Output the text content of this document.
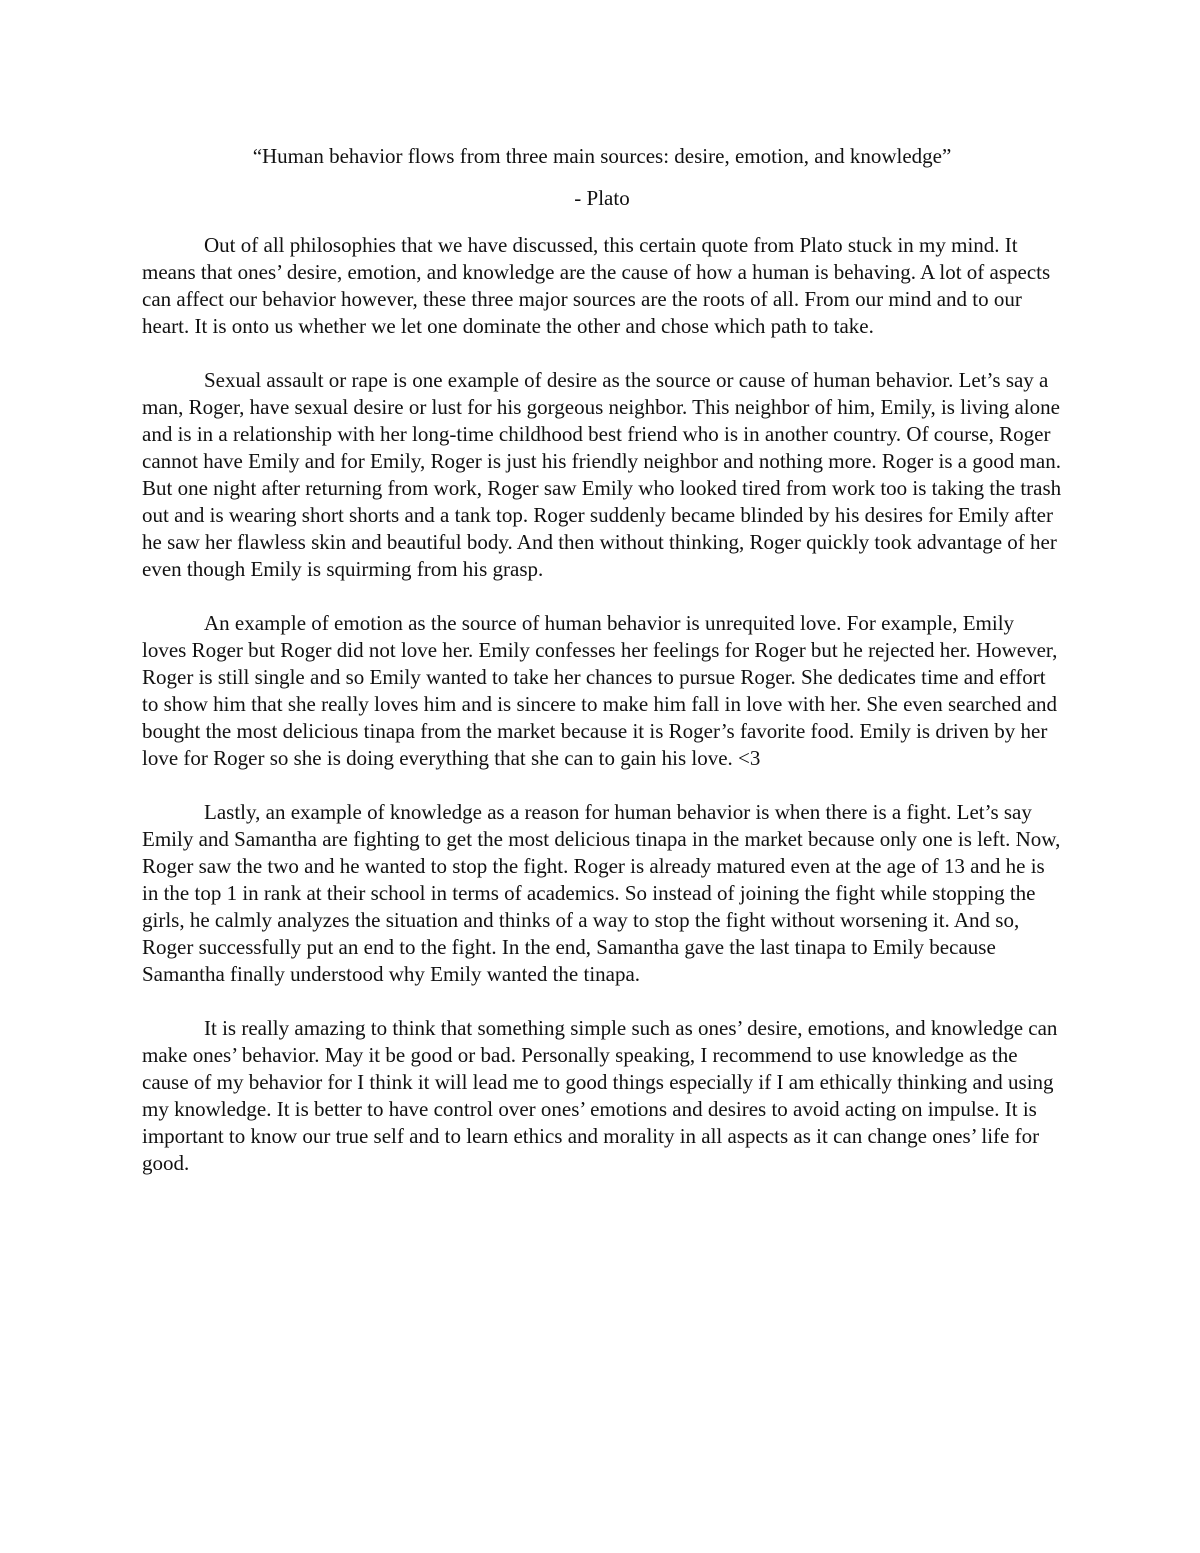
“Human behavior flows from three main sources: desire, emotion, and knowledge”

- Plato

Out of all philosophies that we have discussed, this certain quote from Plato stuck in my mind. It means that ones’ desire, emotion, and knowledge are the cause of how a human is behaving. A lot of aspects can affect our behavior however, these three major sources are the roots of all. From our mind and to our heart. It is onto us whether we let one dominate the other and chose which path to take.

Sexual assault or rape is one example of desire as the source or cause of human behavior. Let’s say a man, Roger, have sexual desire or lust for his gorgeous neighbor. This neighbor of him, Emily, is living alone and is in a relationship with her long-time childhood best friend who is in another country. Of course, Roger cannot have Emily and for Emily, Roger is just his friendly neighbor and nothing more. Roger is a good man. But one night after returning from work, Roger saw Emily who looked tired from work too is taking the trash out and is wearing short shorts and a tank top. Roger suddenly became blinded by his desires for Emily after he saw her flawless skin and beautiful body. And then without thinking, Roger quickly took advantage of her even though Emily is squirming from his grasp.

An example of emotion as the source of human behavior is unrequited love. For example, Emily loves Roger but Roger did not love her. Emily confesses her feelings for Roger but he rejected her. However, Roger is still single and so Emily wanted to take her chances to pursue Roger. She dedicates time and effort to show him that she really loves him and is sincere to make him fall in love with her. She even searched and bought the most delicious tinapa from the market because it is Roger’s favorite food. Emily is driven by her love for Roger so she is doing everything that she can to gain his love. <3

Lastly, an example of knowledge as a reason for human behavior is when there is a fight. Let’s say Emily and Samantha are fighting to get the most delicious tinapa in the market because only one is left. Now, Roger saw the two and he wanted to stop the fight. Roger is already matured even at the age of 13 and he is in the top 1 in rank at their school in terms of academics. So instead of joining the fight while stopping the girls, he calmly analyzes the situation and thinks of a way to stop the fight without worsening it. And so, Roger successfully put an end to the fight. In the end, Samantha gave the last tinapa to Emily because Samantha finally understood why Emily wanted the tinapa.

It is really amazing to think that something simple such as ones’ desire, emotions, and knowledge can make ones’ behavior. May it be good or bad. Personally speaking, I recommend to use knowledge as the cause of my behavior for I think it will lead me to good things especially if I am ethically thinking and using my knowledge. It is better to have control over ones’ emotions and desires to avoid acting on impulse. It is important to know our true self and to learn ethics and morality in all aspects as it can change ones’ life for good.
